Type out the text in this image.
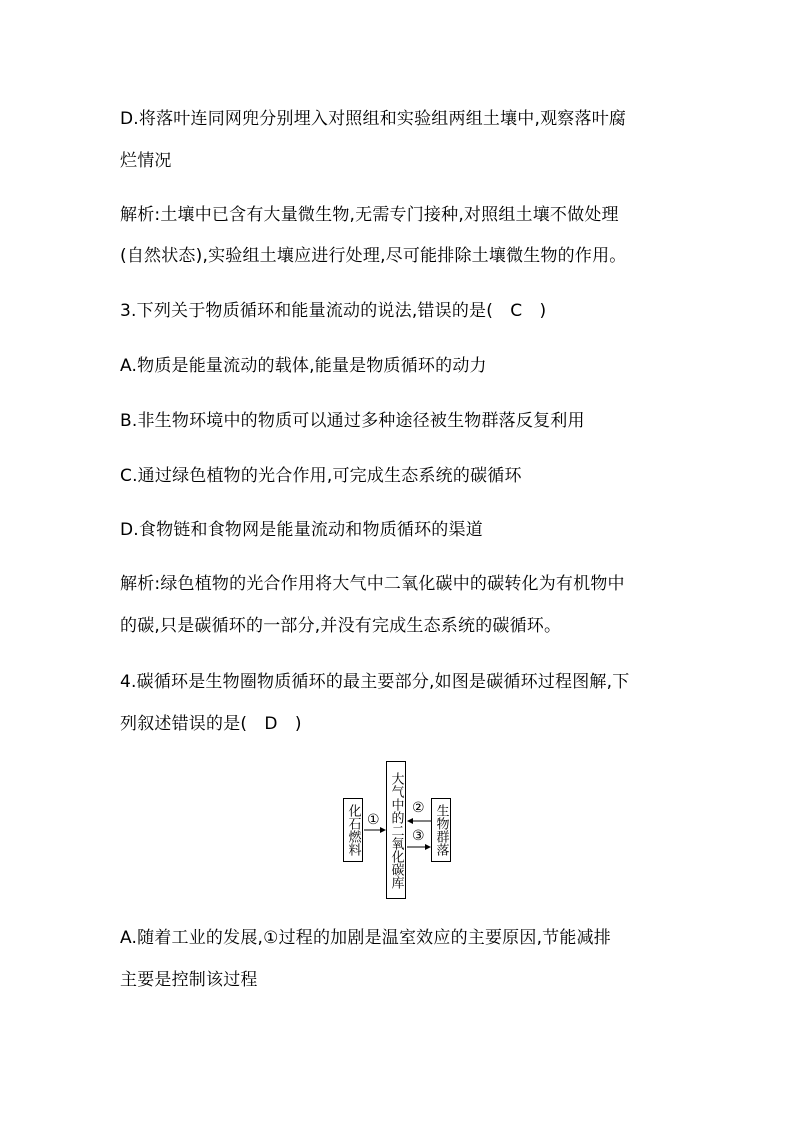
D.将落叶连同网兜分别埋入对照组和实验组两组土壤中,观察落叶腐
烂情况
解析:土壤中已含有大量微生物,无需专门接种,对照组土壤不做处理
(自然状态),实验组土壤应进行处理,尽可能排除土壤微生物的作用。
3.下列关于物质循环和能量流动的说法,错误的是(　C　)
A.物质是能量流动的载体,能量是物质循环的动力
B.非生物环境中的物质可以通过多种途径被生物群落反复利用
C.通过绿色植物的光合作用,可完成生态系统的碳循环
D.食物链和食物网是能量流动和物质循环的渠道
解析:绿色植物的光合作用将大气中二氧化碳中的碳转化为有机物中
的碳,只是碳循环的一部分,并没有完成生态系统的碳循环。
4.碳循环是生物圈物质循环的最主要部分,如图是碳循环过程图解,下
列叙述错误的是(　D　)
化石燃料 大气中的二氧化碳库 生物群落
①
②
③
A.随着工业的发展,①过程的加剧是温室效应的主要原因,节能减排
主要是控制该过程
